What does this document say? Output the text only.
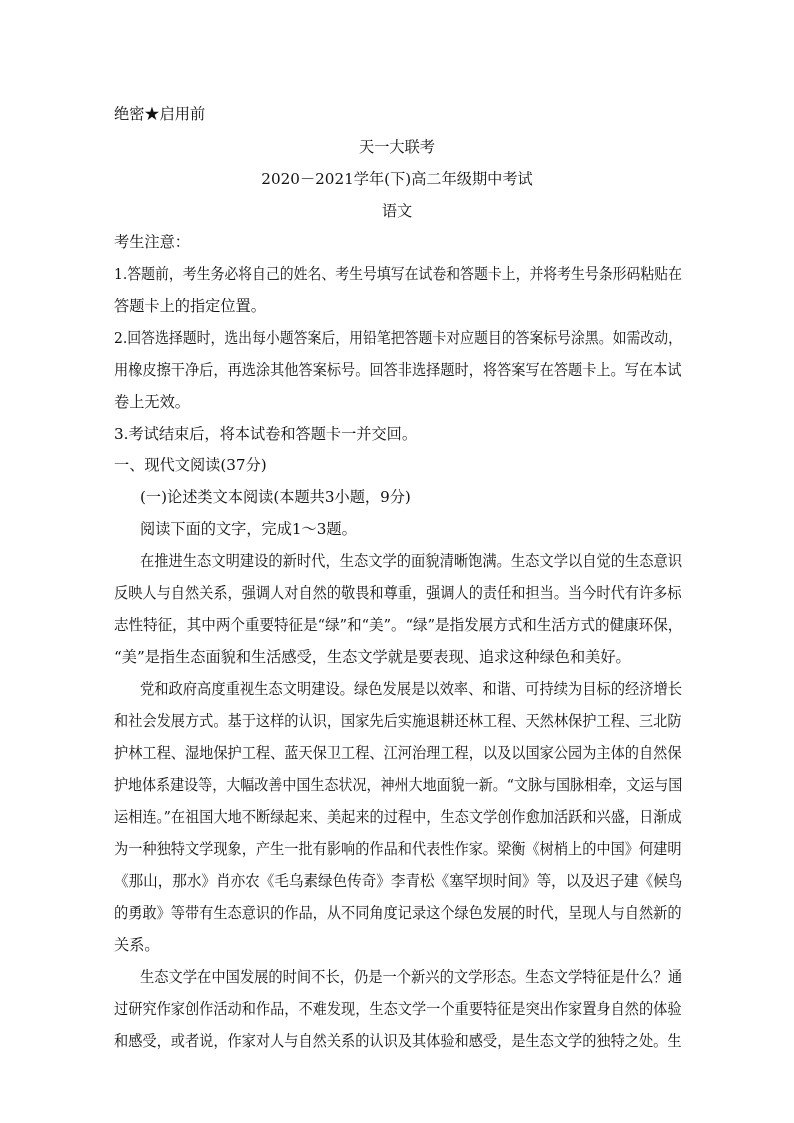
绝密★启用前
天一大联考
2020－2021学年(下)高二年级期中考试
语文
考生注意：
1.答题前，考生务必将自己的姓名、考生号填写在试卷和答题卡上，并将考生号条形码粘贴在
答题卡上的指定位置。
2.回答选择题时，选出每小题答案后，用铅笔把答题卡对应题目的答案标号涂黑。如需改动，
用橡皮擦干净后，再选涂其他答案标号。回答非选择题时，将答案写在答题卡上。写在本试
卷上无效。
3.考试结束后，将本试卷和答题卡一并交回。
一、现代文阅读(37分)
(一)论述类文本阅读(本题共3小题，9分)
阅读下面的文字，完成1～3题。
在推进生态文明建设的新时代，生态文学的面貌清晰饱满。生态文学以自觉的生态意识
反映人与自然关系，强调人对自然的敬畏和尊重，强调人的责任和担当。当今时代有许多标
志性特征，其中两个重要特征是“绿”和“美”。“绿”是指发展方式和生活方式的健康环保，
“美”是指生态面貌和生活感受，生态文学就是要表现、追求这种绿色和美好。
党和政府高度重视生态文明建设。绿色发展是以效率、和谐、可持续为目标的经济增长
和社会发展方式。基于这样的认识，国家先后实施退耕还林工程、天然林保护工程、三北防
护林工程、湿地保护工程、蓝天保卫工程、江河治理工程，以及以国家公园为主体的自然保
护地体系建设等，大幅改善中国生态状况，神州大地面貌一新。“文脉与国脉相牵，文运与国
运相连。”在祖国大地不断绿起来、美起来的过程中，生态文学创作愈加活跃和兴盛，日渐成
为一种独特文学现象，产生一批有影响的作品和代表性作家。梁衡《树梢上的中国》何建明
《那山，那水》肖亦农《毛乌素绿色传奇》李青松《塞罕坝时间》等，以及迟子建《候鸟
的勇敢》等带有生态意识的作品，从不同角度记录这个绿色发展的时代，呈现人与自然新的
关系。
生态文学在中国发展的时间不长，仍是一个新兴的文学形态。生态文学特征是什么？通
过研究作家创作活动和作品，不难发现，生态文学一个重要特征是突出作家置身自然的体验
和感受，或者说，作家对人与自然关系的认识及其体验和感受，是生态文学的独特之处。生
